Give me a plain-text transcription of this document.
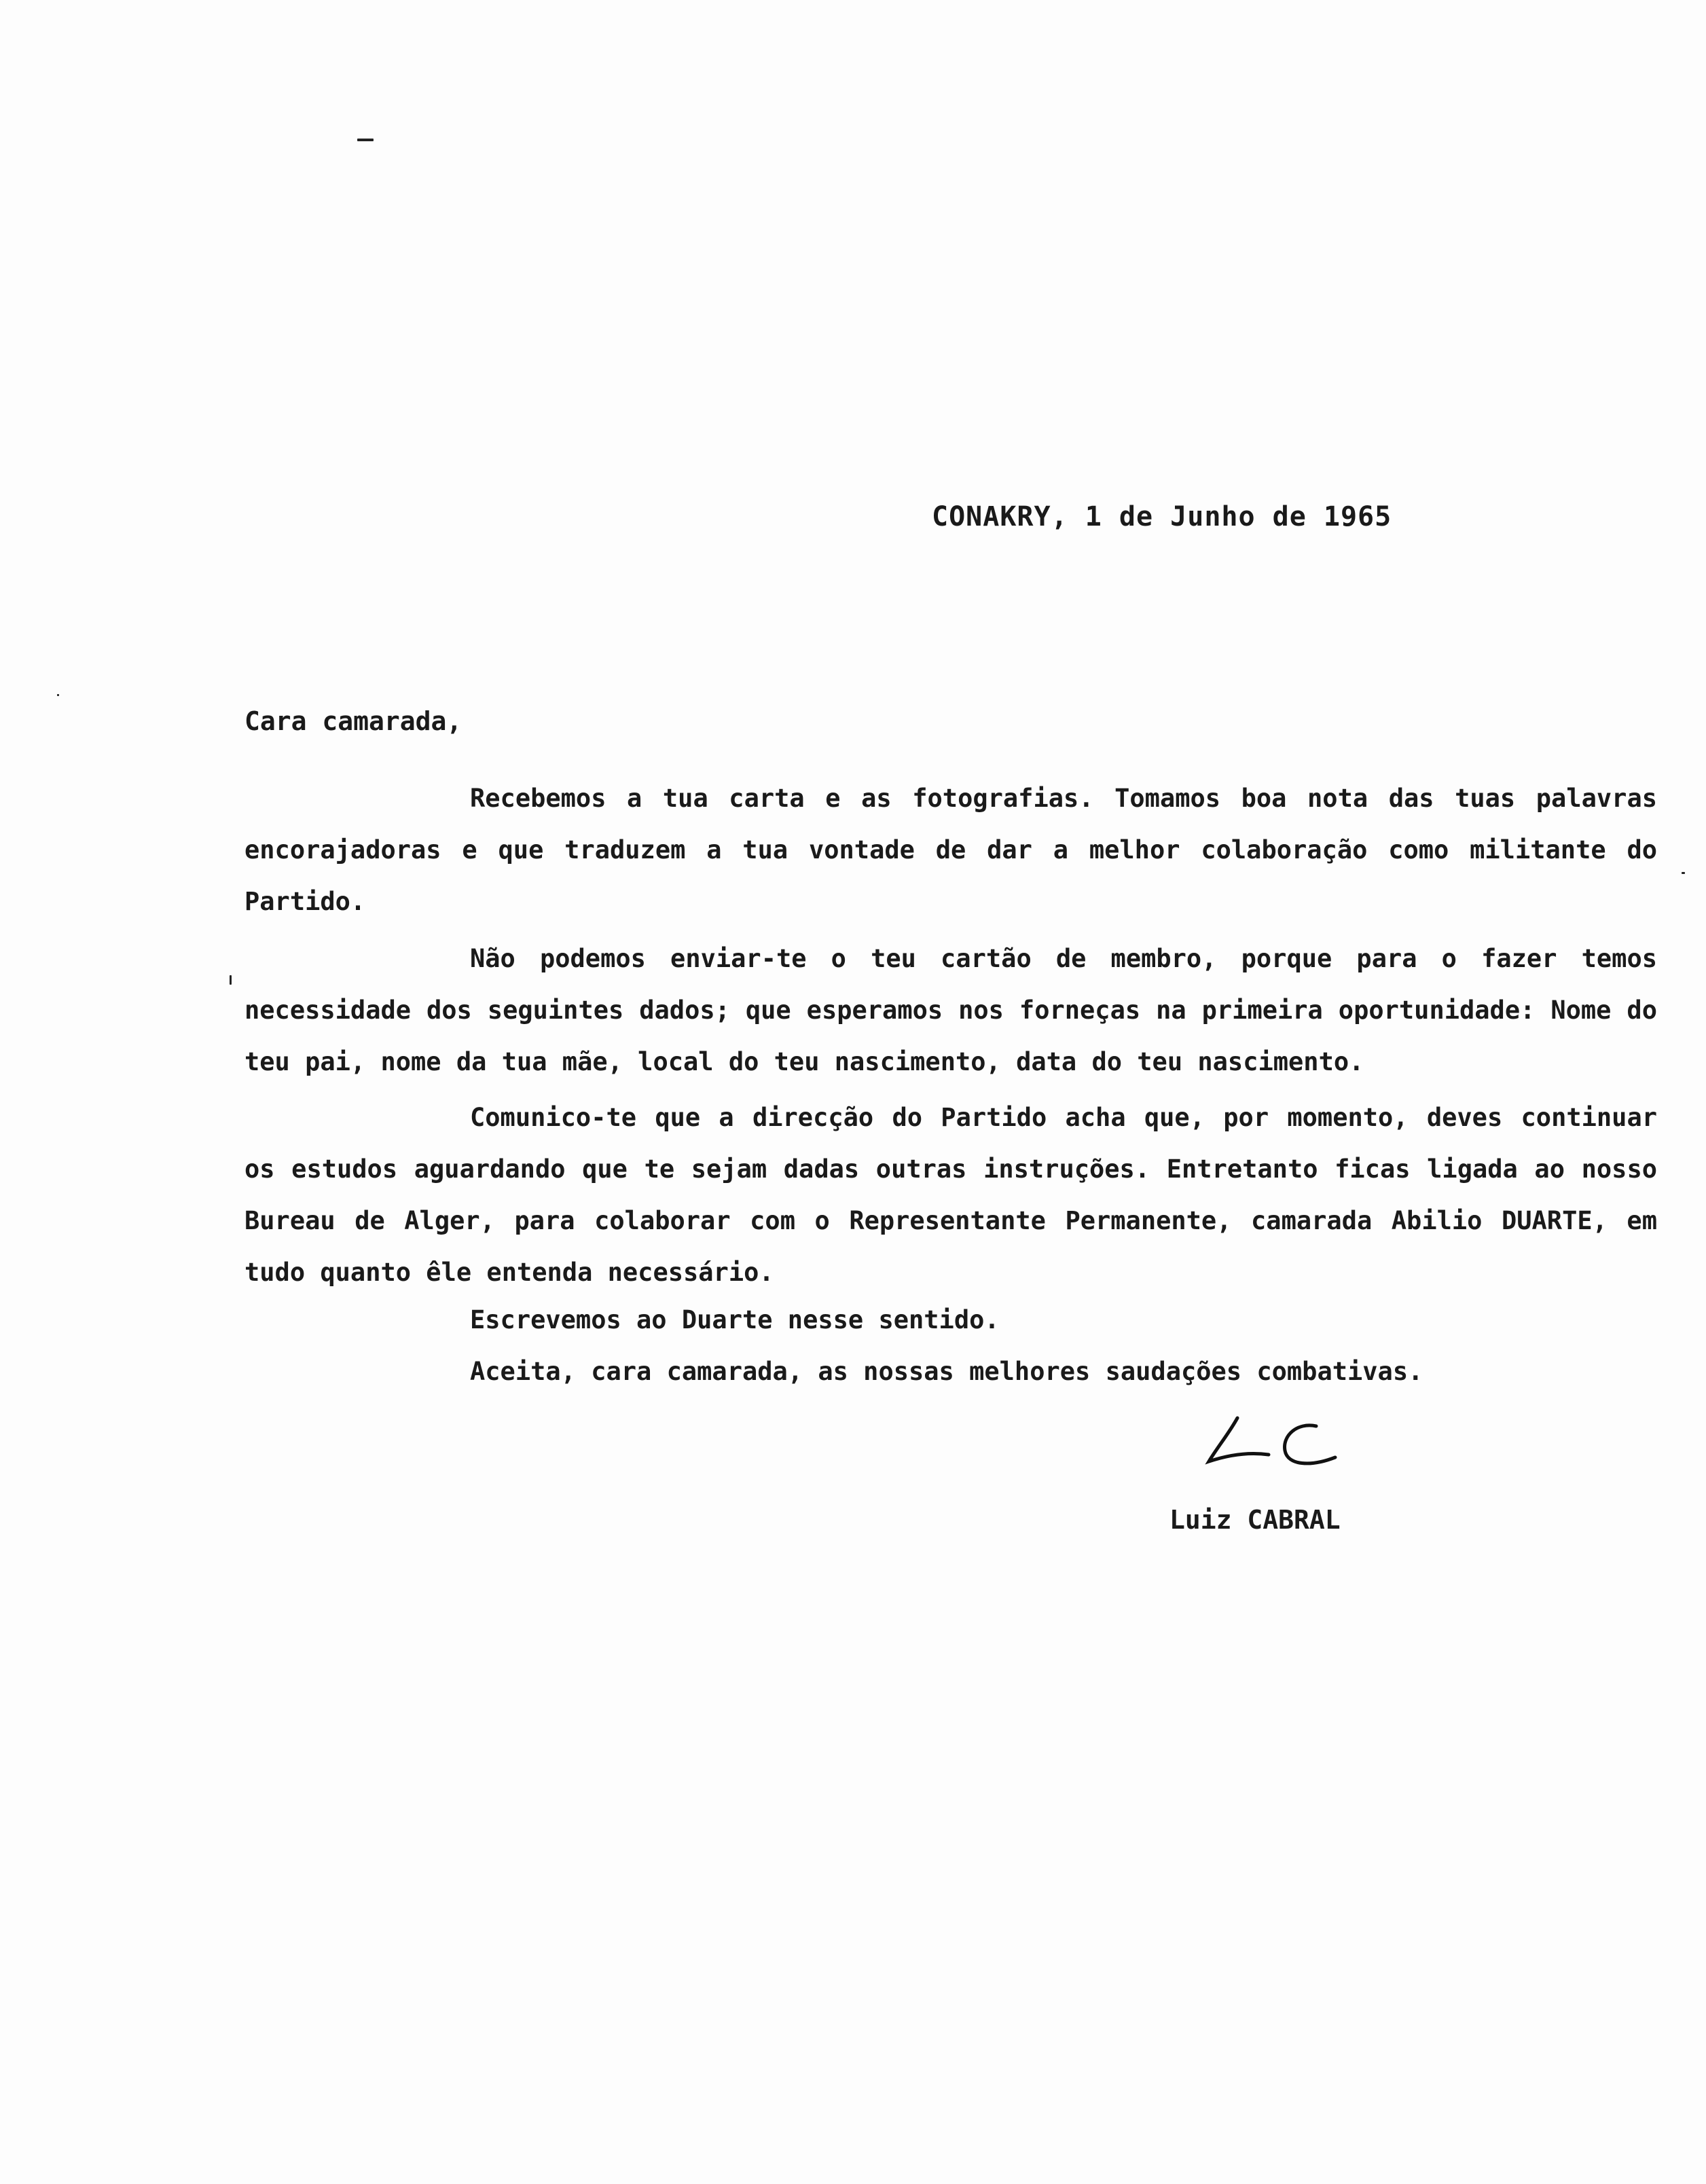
CONAKRY, 1 de Junho de 1965
Cara camarada,

Recebemos a tua carta e as fotografias. Tomamos boa nota das tuas palavras encorajadoras e que traduzem a tua vontade de dar a melhor colaboração como militante do Partido.

Não podemos enviar-te o teu cartão de membro, porque para o fazer temos necessidade dos seguintes dados; que esperamos nos forneças na primeira oportunidade: Nome do teu pai, nome da tua mãe, local do teu nascimento, data do teu nascimento.

Comunico-te que a direcção do Partido acha que, por momento, deves continuar os estudos aguardando que te sejam dadas outras instruções. Entretanto ficas ligada ao nosso Bureau de Alger, para colaborar com o Representante Permanente, camarada Abilio DUARTE, em tudo quanto êle entenda necessário.

Escrevemos ao Duarte nesse sentido.

Aceita, cara camarada, as nossas melhores saudações combativas.

Luiz CABRAL
